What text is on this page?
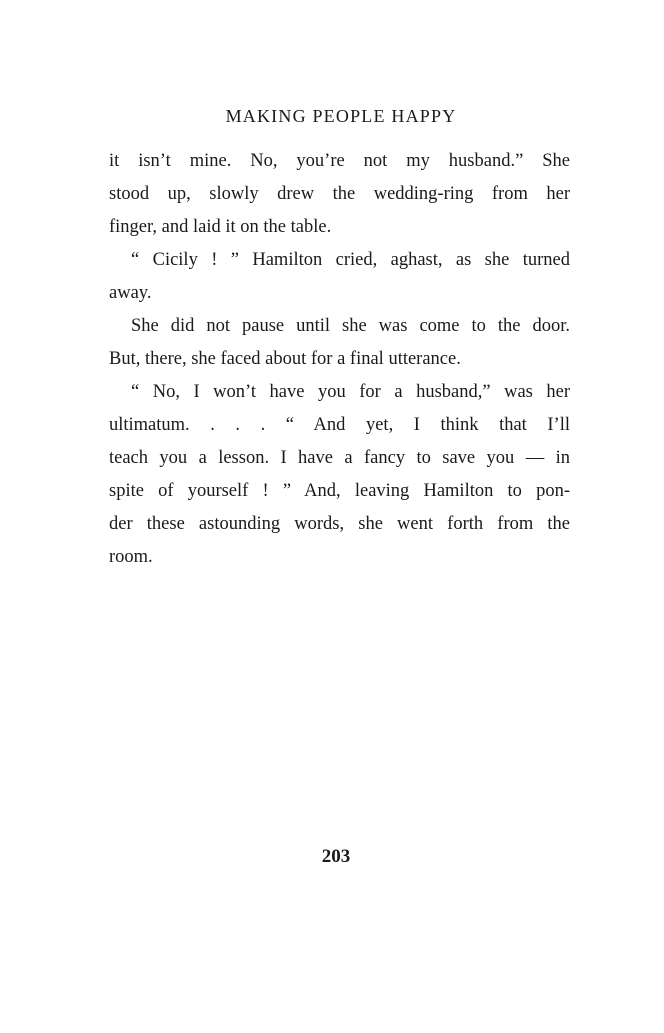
MAKING PEOPLE HAPPY
it isn’t mine. No, you’re not my husband.” She
stood up, slowly drew the wedding-ring from her
finger, and laid it on the table.
“ Cicily ! ” Hamilton cried, aghast, as she turned
away.
She did not pause until she was come to the door.
But, there, she faced about for a final utterance.
“ No, I won’t have you for a husband,” was her
ultimatum. . . . “ And yet, I think that I’ll
teach you a lesson. I have a fancy to save you — in
spite of yourself ! ” And, leaving Hamilton to pon-
der these astounding words, she went forth from the
room.
203
